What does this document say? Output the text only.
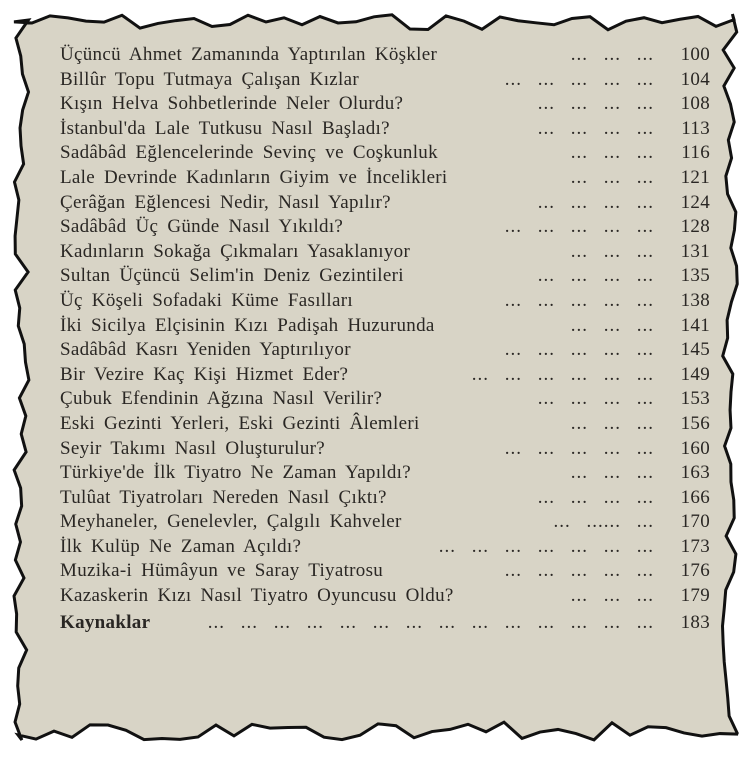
Üçüncü Ahmet Zamanında Yaptırılan Köşkler	... ... ...	100
Billûr Topu Tutmaya Çalışan Kızlar	... ... ... ... ...	104
Kışın Helva Sohbetlerinde Neler Olurdu?	... ... ... ...	108
İstanbul'da Lale Tutkusu Nasıl Başladı?	... ... ... ...	113
Sadâbâd Eğlencelerinde Sevinç ve Coşkunluk	... ... ...	116
Lale Devrinde Kadınların Giyim ve İncelikleri	... ... ...	121
Çerâğan Eğlencesi Nedir, Nasıl Yapılır?	... ... ... ...	124
Sadâbâd Üç Günde Nasıl Yıkıldı?	... ... ... ... ...	128
Kadınların Sokağa Çıkmaları Yasaklanıyor	... ... ...	131
Sultan Üçüncü Selim'in Deniz Gezintileri	... ... ... ...	135
Üç Köşeli Sofadaki Küme Fasılları	... ... ... ... ...	138
İki Sicilya Elçisinin Kızı Padişah Huzurunda	... ... ...	141
Sadâbâd Kasrı Yeniden Yaptırılıyor	... ... ... ... ...	145
Bir Vezire Kaç Kişi Hizmet Eder?	... ... ... ... ... ...	149
Çubuk Efendinin Ağzına Nasıl Verilir?	... ... ... ...	153
Eski Gezinti Yerleri, Eski Gezinti Âlemleri	... ... ...	156
Seyir Takımı Nasıl Oluşturulur?	... ... ... ... ...	160
Türkiye'de İlk Tiyatro Ne Zaman Yapıldı?	... ... ...	163
Tulûat Tiyatroları Nereden Nasıl Çıktı?	... ... ... ...	166
Meyhaneler, Genelevler, Çalgılı Kahveler	... ...... ...	170
İlk Kulüp Ne Zaman Açıldı?	... ... ... ... ... ... ...	173
Muzika-i Hümâyun ve Saray Tiyatrosu	... ... ... ... ...	176
Kazaskerin Kızı Nasıl Tiyatro Oyuncusu Oldu?	... ... ...	179
Kaynaklar	... ... ... ... ... ... ... ... ... ... ... ... ... ...	183
